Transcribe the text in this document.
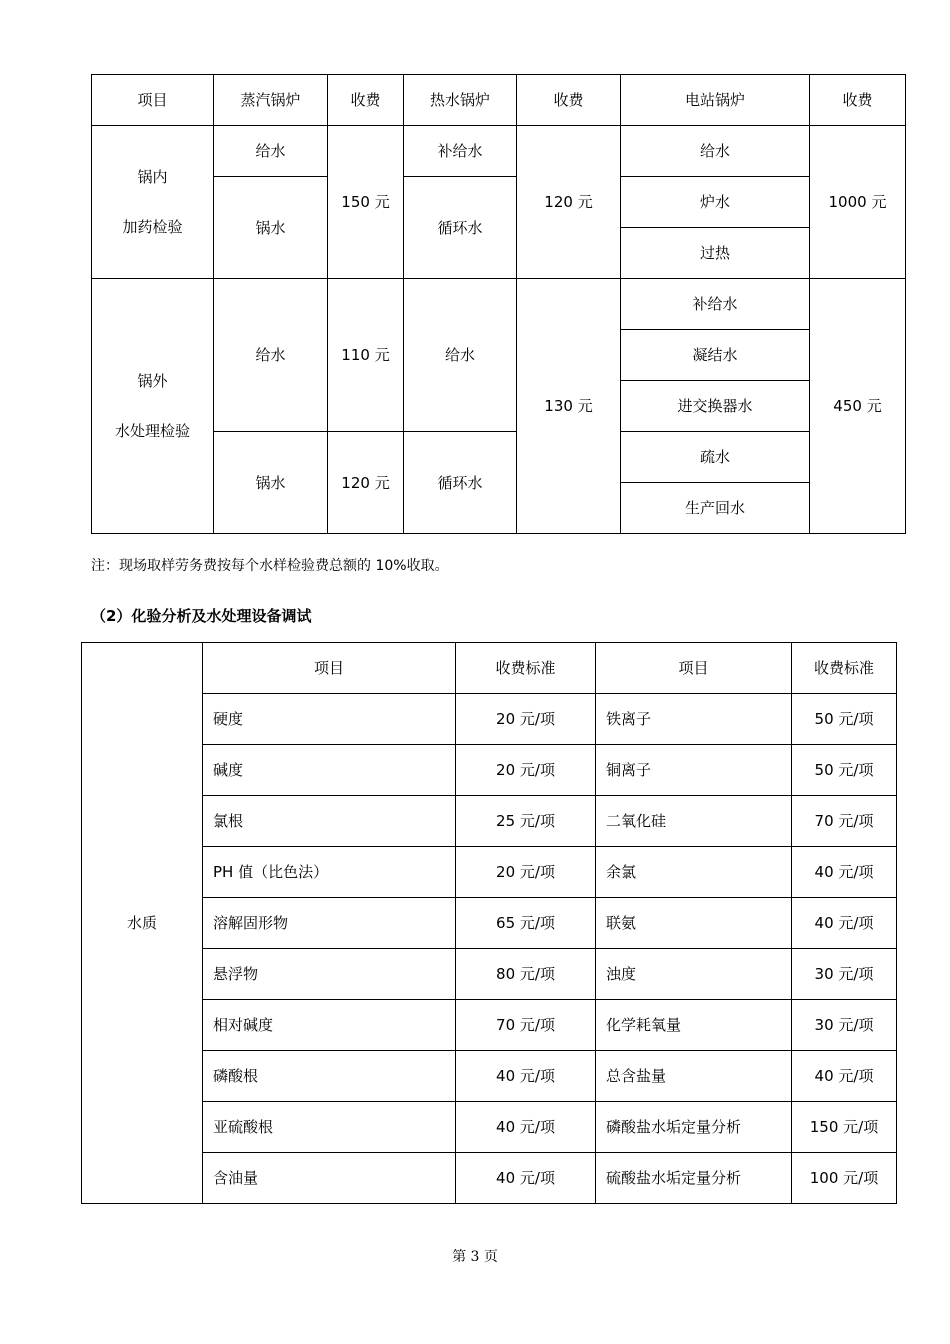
项目	蒸汽锅炉	收费	热水锅炉	收费	电站锅炉	收费

锅内
加药检验	给水	150 元	补给水	120 元	给水	1000 元
	锅水		循环水		炉水	
					过热	

锅外
水处理检验	给水	110 元	给水	130 元	补给水	450 元
					凝结水	
					进交换器水	
	锅水	120 元	循环水		疏水	
					生产回水	
注：现场取样劳务费按每个水样检验费总额的 10%收取。
（2）化验分析及水处理设备调试
水质	项目	收费标准	项目	收费标准
	硬度	20 元/项	铁离子	50 元/项
	碱度	20 元/项	铜离子	50 元/项
	氯根	25 元/项	二氧化硅	70 元/项
	PH 值（比色法）	20 元/项	余氯	40 元/项
	溶解固形物	65 元/项	联氨	40 元/项
	悬浮物	80 元/项	浊度	30 元/项
	相对碱度	70 元/项	化学耗氧量	30 元/项
	磷酸根	40 元/项	总含盐量	40 元/项
	亚硫酸根	40 元/项	磷酸盐水垢定量分析	150 元/项
	含油量	40 元/项	硫酸盐水垢定量分析	100 元/项
第 3 页
